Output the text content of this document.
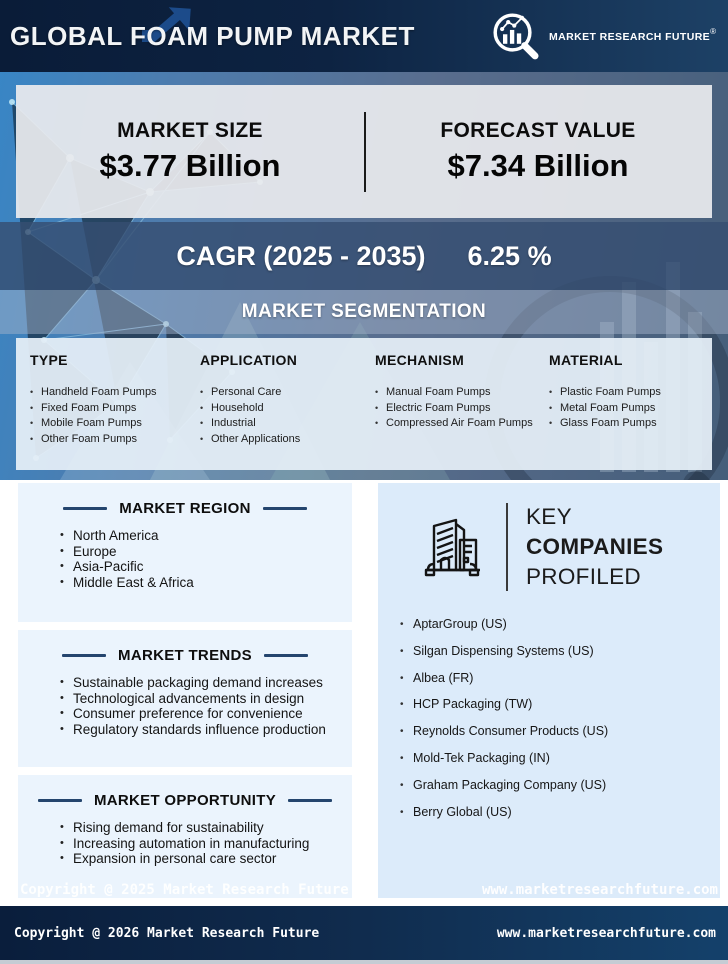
GLOBAL FOAM PUMP MARKET	MARKET RESEARCH FUTURE®
MARKET SIZE
$3.77 Billion
FORECAST VALUE
$7.34 Billion
CAGR (2025 - 2035) 6.25 %
MARKET SEGMENTATION
TYPE
• Handheld Foam Pumps
• Fixed Foam Pumps
• Mobile Foam Pumps
• Other Foam Pumps
APPLICATION
• Personal Care
• Household
• Industrial
• Other Applications
MECHANISM
• Manual Foam Pumps
• Electric Foam Pumps
• Compressed Air Foam Pumps
MATERIAL
• Plastic Foam Pumps
• Metal Foam Pumps
• Glass Foam Pumps
MARKET REGION
• North America
• Europe
• Asia-Pacific
• Middle East & Africa
MARKET TRENDS
• Sustainable packaging demand increases
• Technological advancements in design
• Consumer preference for convenience
• Regulatory standards influence production
MARKET OPPORTUNITY
• Rising demand for sustainability
• Increasing automation in manufacturing
• Expansion in personal care sector
KEY
COMPANIES
PROFILED
• AptarGroup (US)
• Silgan Dispensing Systems (US)
• Albea (FR)
• HCP Packaging (TW)
• Reynolds Consumer Products (US)
• Mold-Tek Packaging (IN)
• Graham Packaging Company (US)
• Berry Global (US)
Copyright @ 2025 Market Research Future	www.marketresearchfuture.com
Copyright @ 2026 Market Research Future	www.marketresearchfuture.com
